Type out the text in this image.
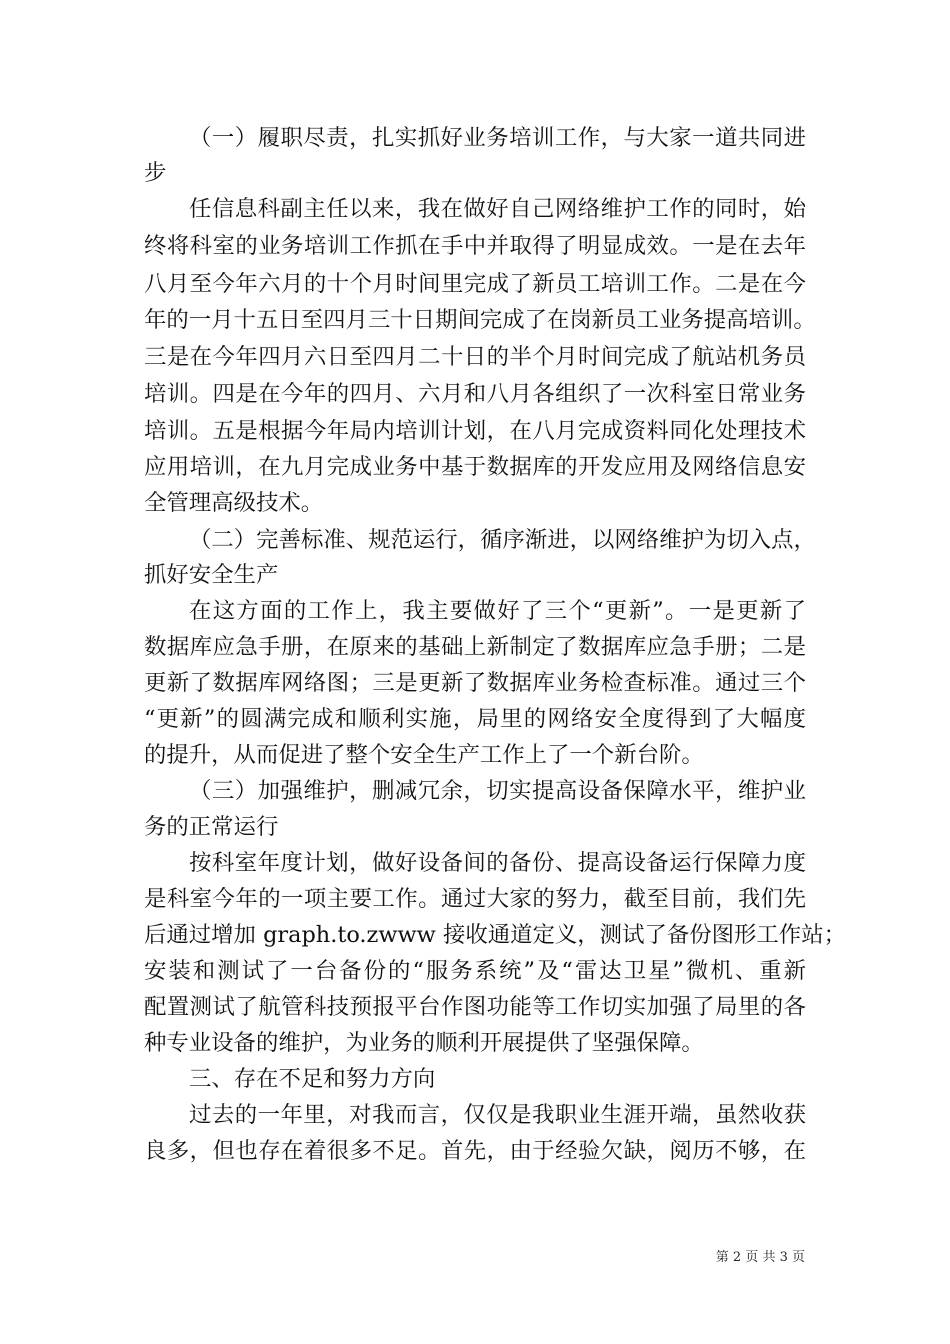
（一）履职尽责，扎实抓好业务培训工作，与大家一道共同进
步
任信息科副主任以来，我在做好自己网络维护工作的同时，始
终将科室的业务培训工作抓在手中并取得了明显成效。一是在去年
八月至今年六月的十个月时间里完成了新员工培训工作。二是在今
年的一月十五日至四月三十日期间完成了在岗新员工业务提高培训。
三是在今年四月六日至四月二十日的半个月时间完成了航站机务员
培训。四是在今年的四月、六月和八月各组织了一次科室日常业务
培训。五是根据今年局内培训计划，在八月完成资料同化处理技术
应用培训，在九月完成业务中基于数据库的开发应用及网络信息安
全管理高级技术。
（二）完善标准、规范运行，循序渐进，以网络维护为切入点，
抓好安全生产
在这方面的工作上，我主要做好了三个“更新”。一是更新了
数据库应急手册，在原来的基础上新制定了数据库应急手册；二是
更新了数据库网络图；三是更新了数据库业务检查标准。通过三个
“更新”的圆满完成和顺利实施，局里的网络安全度得到了大幅度
的提升，从而促进了整个安全生产工作上了一个新台阶。
（三）加强维护，删减冗余，切实提高设备保障水平，维护业
务的正常运行
按科室年度计划，做好设备间的备份、提高设备运行保障力度
是科室今年的一项主要工作。通过大家的努力，截至目前，我们先
后通过增加 graph.to.zwww 接收通道定义，测试了备份图形工作站；
安装和测试了一台备份的“服务系统”及“雷达卫星”微机、重新
配置测试了航管科技预报平台作图功能等工作切实加强了局里的各
种专业设备的维护，为业务的顺利开展提供了坚强保障。
三、存在不足和努力方向
过去的一年里，对我而言，仅仅是我职业生涯开端，虽然收获
良多，但也存在着很多不足。首先，由于经验欠缺，阅历不够，在
第 2 页 共 3 页
